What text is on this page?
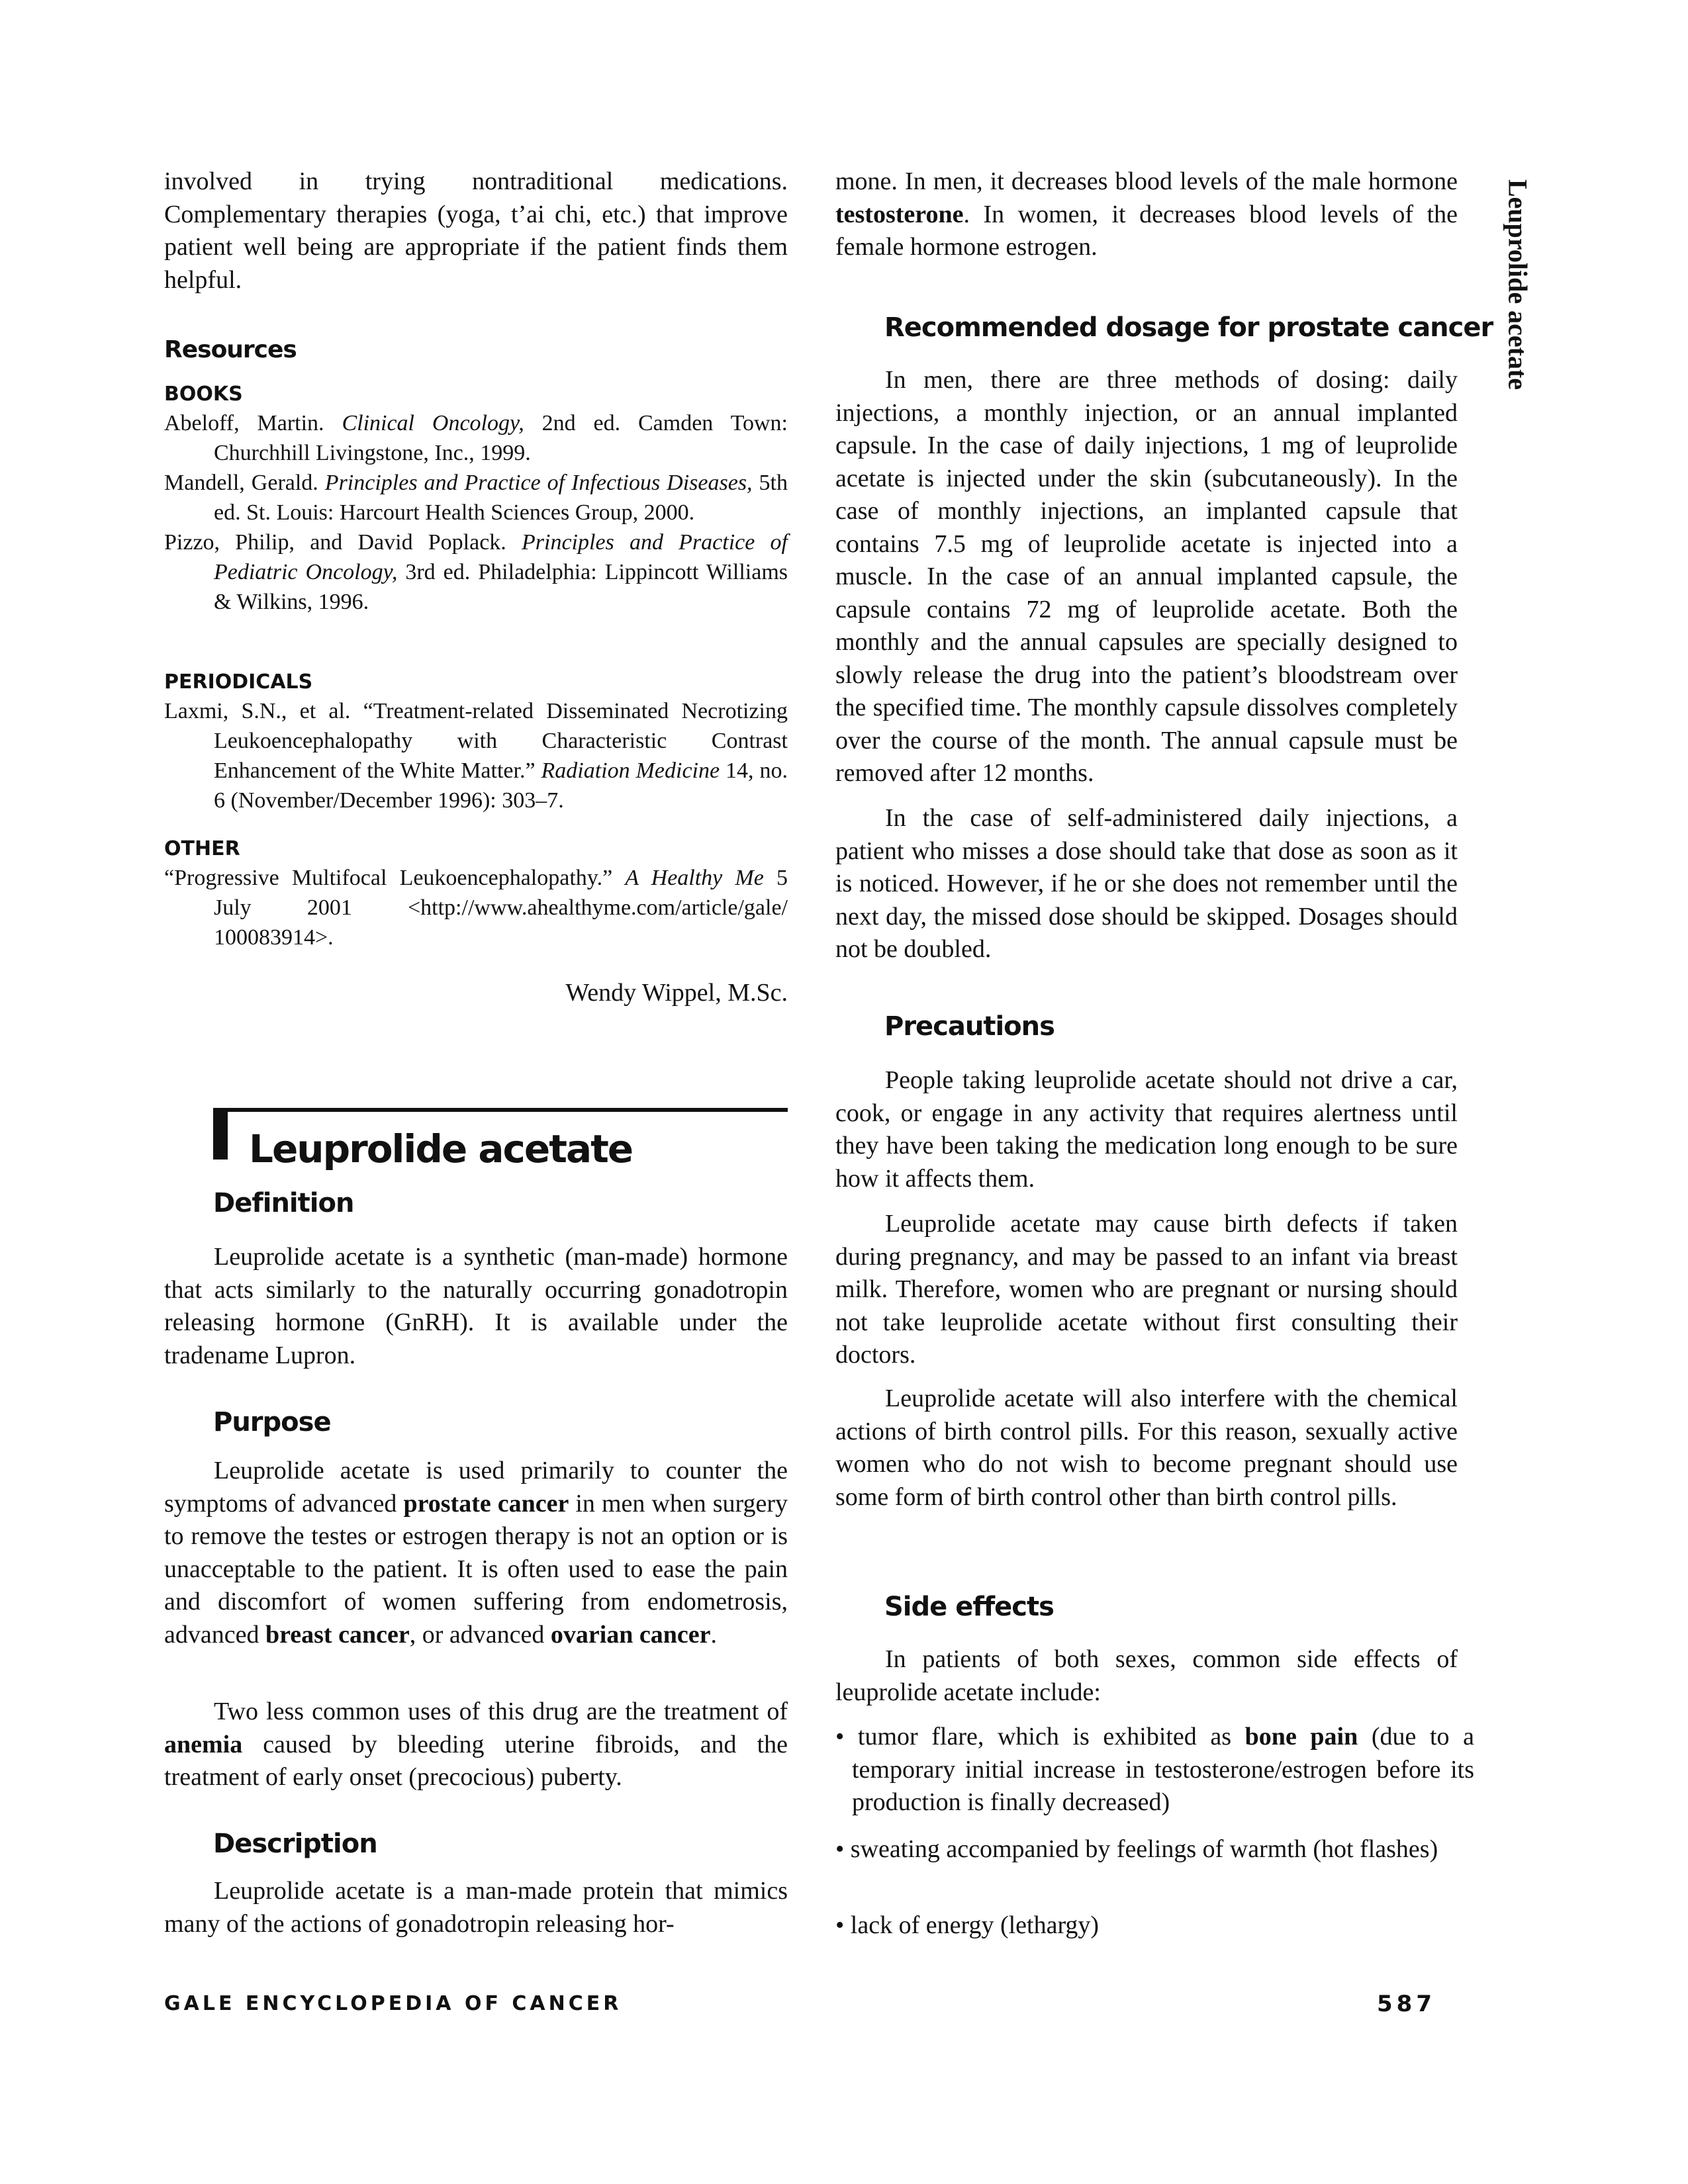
Leuprolide acetate

involved in trying nontraditional medications. Complementary therapies (yoga, t’ai chi, etc.) that improve patient well being are appropriate if the patient finds them helpful.

Resources
BOOKS

Abeloff, Martin. Clinical Oncology, 2nd ed. Camden Town: Churchhill Livingstone, Inc., 1999.

Mandell, Gerald. Principles and Practice of Infectious Diseases, 5th ed. St. Louis: Harcourt Health Sciences Group, 2000.

Pizzo, Philip, and David Poplack. Principles and Practice of Pediatric Oncology, 3rd ed. Philadelphia: Lippincott Williams & Wilkins, 1996.

PERIODICALS

Laxmi, S.N., et al. “Treatment-related Disseminated Necrotizing Leukoencephalopathy with Characteristic Contrast Enhancement of the White Matter.” Radiation Medicine 14, no. 6 (November/December 1996): 303–7.

OTHER

“Progressive Multifocal Leukoencephalopathy.” A Healthy Me 5 July 2001 <http://www.ahealthyme.com/article/gale/ 100083914>.

Wendy Wippel, M.Sc.

Leuprolide acetate
Definition

Leuprolide acetate is a synthetic (man-made) hormone that acts similarly to the naturally occurring gonadotropin releasing hormone (GnRH). It is available under the tradename Lupron.

Purpose

Leuprolide acetate is used primarily to counter the symptoms of advanced prostate cancer in men when surgery to remove the testes or estrogen therapy is not an option or is unacceptable to the patient. It is often used to ease the pain and discomfort of women suffering from endometrosis, advanced breast cancer, or advanced ovarian cancer.

Two less common uses of this drug are the treatment of anemia caused by bleeding uterine fibroids, and the treatment of early onset (precocious) puberty.

Description

Leuprolide acetate is a man-made protein that mimics many of the actions of gonadotropin releasing hor-

mone. In men, it decreases blood levels of the male hormone testosterone. In women, it decreases blood levels of the female hormone estrogen.

Recommended dosage for prostate cancer

In men, there are three methods of dosing: daily injections, a monthly injection, or an annual implanted capsule. In the case of daily injections, 1 mg of leuprolide acetate is injected under the skin (subcutaneously). In the case of monthly injections, an implanted capsule that contains 7.5 mg of leuprolide acetate is injected into a muscle. In the case of an annual implanted capsule, the capsule contains 72 mg of leuprolide acetate. Both the monthly and the annual capsules are specially designed to slowly release the drug into the patient’s bloodstream over the specified time. The monthly capsule dissolves completely over the course of the month. The annual capsule must be removed after 12 months.

In the case of self-administered daily injections, a patient who misses a dose should take that dose as soon as it is noticed. However, if he or she does not remember until the next day, the missed dose should be skipped. Dosages should not be doubled.

Precautions

People taking leuprolide acetate should not drive a car, cook, or engage in any activity that requires alertness until they have been taking the medication long enough to be sure how it affects them.

Leuprolide acetate may cause birth defects if taken during pregnancy, and may be passed to an infant via breast milk. Therefore, women who are pregnant or nursing should not take leuprolide acetate without first consulting their doctors.

Leuprolide acetate will also interfere with the chemical actions of birth control pills. For this reason, sexually active women who do not wish to become pregnant should use some form of birth control other than birth control pills.

Side effects

In patients of both sexes, common side effects of leuprolide acetate include:

• tumor flare, which is exhibited as bone pain (due to a temporary initial increase in testosterone/estrogen before its production is finally decreased)

• sweating accompanied by feelings of warmth (hot flashes)

• lack of energy (lethargy)

GALE ENCYCLOPEDIA OF CANCER	587
